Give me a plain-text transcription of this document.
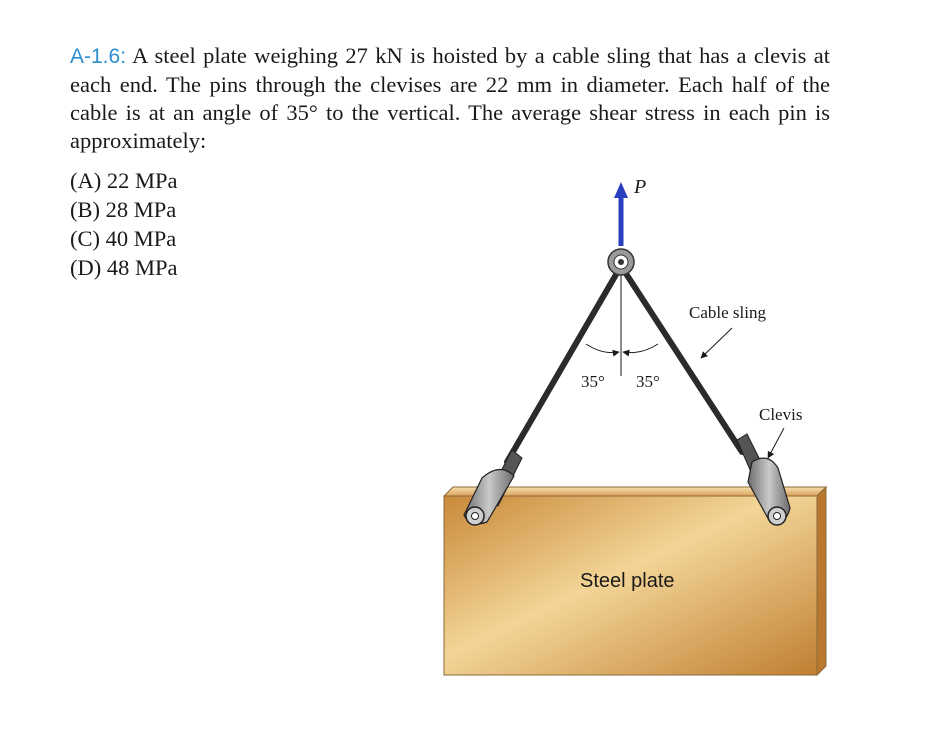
A-1.6: A steel plate weighing 27 kN is hoisted by a cable sling that has a clevis at each end. The pins through the clevises are 22 mm in diameter. Each half of the cable is at an angle of 35° to the vertical. The average shear stress in each pin is approximately:
(A) 22 MPa
(B) 28 MPa
(C) 40 MPa
(D) 48 MPa
P
Cable sling
Clevis
35° 35°
Steel plate
